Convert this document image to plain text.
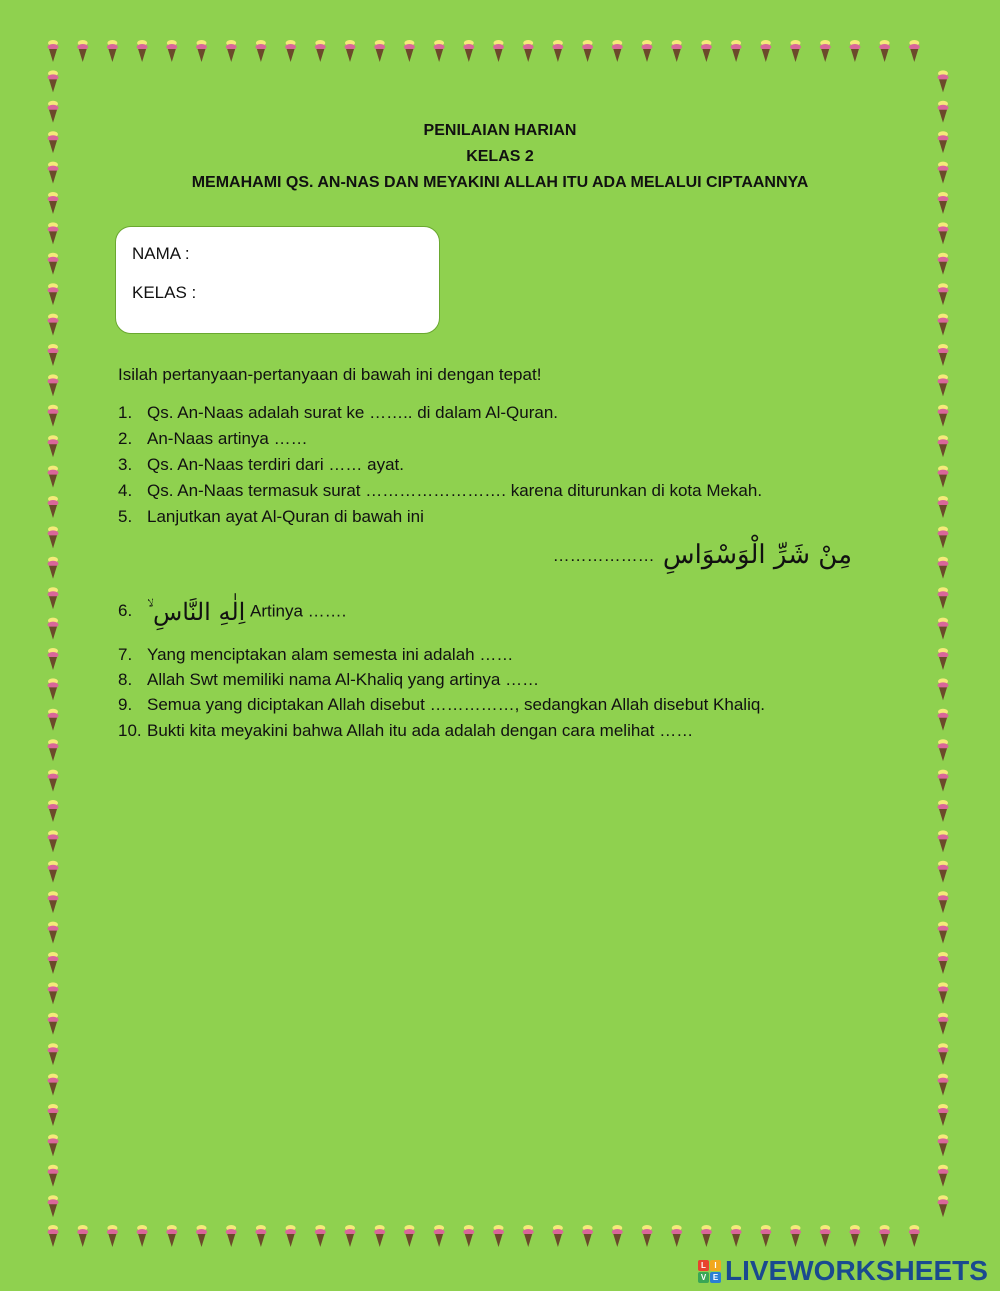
PENILAIAN HARIAN
KELAS 2
MEMAHAMI QS. AN-NAS DAN MEYAKINI ALLAH ITU ADA MELALUI CIPTAANNYA
NAMA :
KELAS :
Isilah pertanyaan-pertanyaan di bawah ini dengan tepat!
1. Qs. An-Naas adalah surat ke …….. di dalam Al-Quran.
2. An-Naas artinya ……
3. Qs. An-Naas terdiri dari …… ayat.
4. Qs. An-Naas termasuk surat ……………………. karena diturunkan di kota Mekah.
5. Lanjutkan ayat Al-Quran di bawah ini
……………… مِنْ شَرِّ الْوَسْوَاسِ
6. اِلٰهِ النَّاسِ ۙ Artinya …….
7. Yang menciptakan alam semesta ini adalah ……
8. Allah Swt memiliki nama Al-Khaliq yang artinya ……
9. Semua yang diciptakan Allah disebut ……………, sedangkan Allah disebut Khaliq.
10. Bukti kita meyakini bahwa Allah itu ada adalah dengan cara melihat ……
L	I
V E LIVEWORKSHEETS
